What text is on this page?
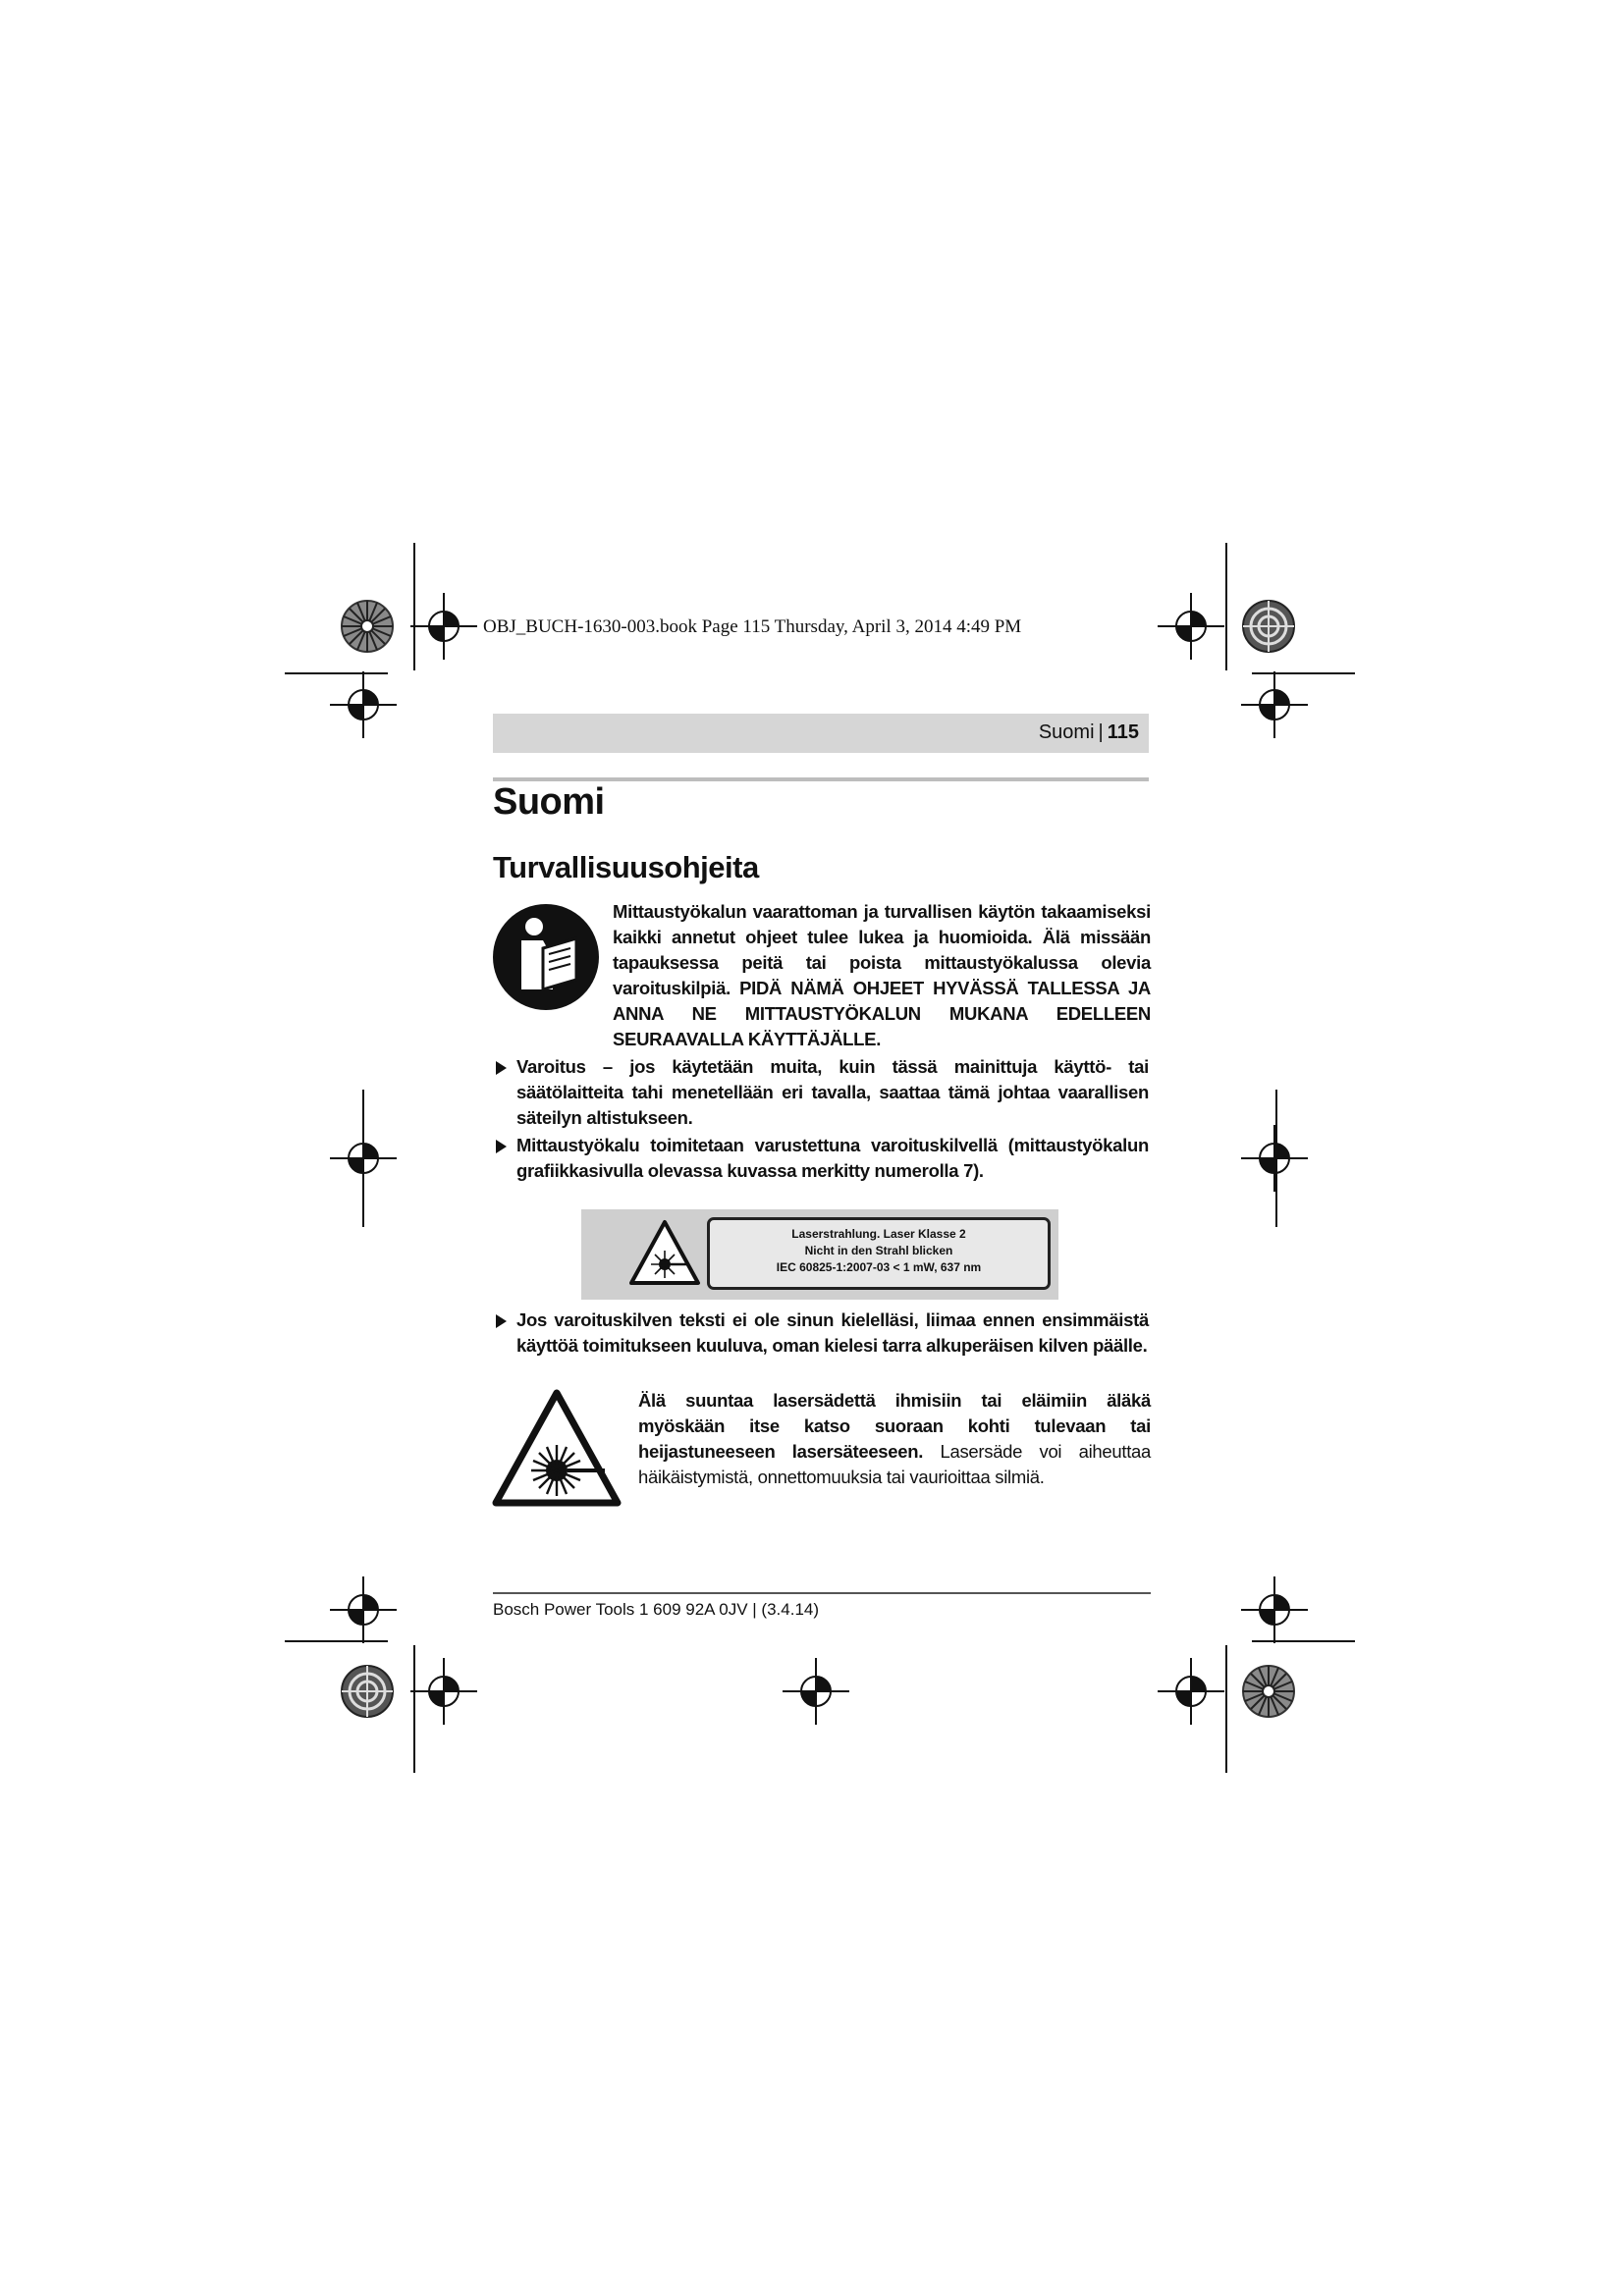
OBJ_BUCH-1630-003.book Page 115 Thursday, April 3, 2014 4:49 PM
Suomi | 115
Suomi
Turvallisuusohjeita
Mittaustyökalun vaarattoman ja turvallisen käytön takaamiseksi kaikki annetut ohjeet tulee lukea ja huomioida. Älä missään tapauksessa peitä tai poista mittaustyökalussa olevia varoituskilpiä. PIDÄ NÄMÄ OHJEET HYVÄSSÄ TALLESSA JA ANNA NE MITTAUSTYÖKALUN MUKANA EDELLEEN SEURAAVALLA KÄYTTÄJÄLLE.
Varoitus – jos käytetään muita, kuin tässä mainittuja käyttö- tai säätölaitteita tahi menetellään eri tavalla, saattaa tämä johtaa vaarallisen säteilyn altistukseen.
Mittaustyökalu toimitetaan varustettuna varoituskilvellä (mittaustyökalun grafiikkasivulla olevassa kuvassa merkitty numerolla 7).
Laserstrahlung. Laser Klasse 2
Nicht in den Strahl blicken
IEC 60825-1:2007-03 < 1 mW, 637 nm
Jos varoituskilven teksti ei ole sinun kielelläsi, liimaa ennen ensimmäistä käyttöä toimitukseen kuuluva, oman kielesi tarra alkuperäisen kilven päälle.
Älä suuntaa lasersädettä ihmisiin tai eläimiin äläkä myöskään itse katso suoraan kohti tulevaan tai heijastuneeseen lasersäteeseen. Lasersäde voi aiheuttaa häikäistymistä, onnettomuuksia tai vaurioittaa silmiä.
Bosch Power Tools 1 609 92A 0JV | (3.4.14)
